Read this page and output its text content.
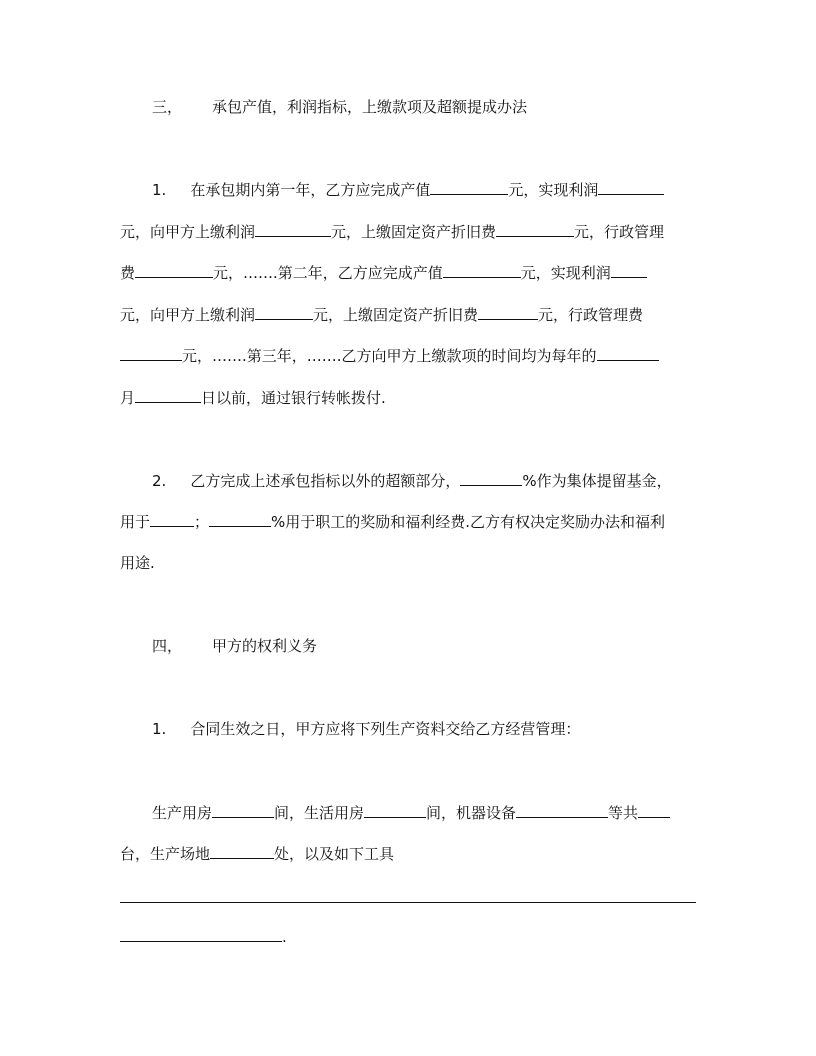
三， 承包产值，利润指标，上缴款项及超额提成办法
1. 在承包期内第一年，乙方应完成产值	元，实现利润
元，向甲方上缴利润	元，上缴固定资产折旧费	元，行政管理
费	元，…….第二年，乙方应完成产值	元，实现利润
元，向甲方上缴利润	元，上缴固定资产折旧费	元，行政管理费
元，…….第三年，…….乙方向甲方上缴款项的时间均为每年的
月	日以前，通过银行转帐拨付.
2. 乙方完成上述承包指标以外的超额部分，	%作为集体提留基金，
用于	；	%用于职工的奖励和福利经费.乙方有权决定奖励办法和福利
用途.
四， 甲方的权利义务
1. 合同生效之日，甲方应将下列生产资料交给乙方经营管理：
生产用房	间，生活用房	间，机器设备	等共
台，生产场地	处，以及如下工具
.
